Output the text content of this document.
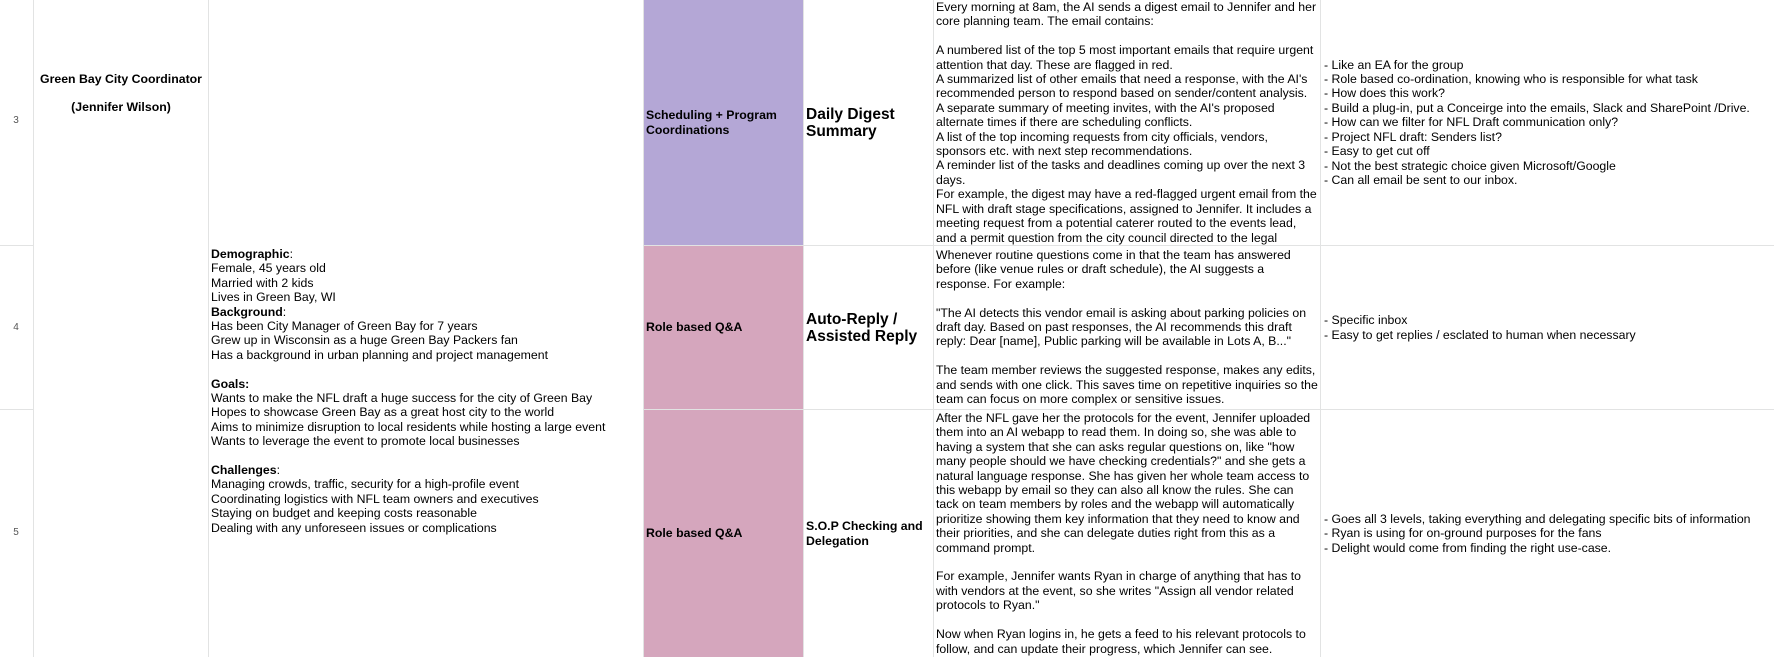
3
4
5
Green Bay City Coordinator
(Jennifer Wilson)
Demographic:
Female, 45 years old
Married with 2 kids
Lives in Green Bay, WI
Background:
Has been City Manager of Green Bay for 7 years
Grew up in Wisconsin as a huge Green Bay Packers fan
Has a background in urban planning and project management
Goals:
Wants to make the NFL draft a huge success for the city of Green Bay
Hopes to showcase Green Bay as a great host city to the world
Aims to minimize disruption to local residents while hosting a large event
Wants to leverage the event to promote local businesses
Challenges:
Managing crowds, traffic, security for a high-profile event
Coordinating logistics with NFL team owners and executives
Staying on budget and keeping costs reasonable
Dealing with any unforeseen issues or complications
Scheduling + Program Coordinations
Daily Digest Summary
Every morning at 8am, the AI sends a digest email to Jennifer and her core planning team. The email contains:

A numbered list of the top 5 most important emails that require urgent attention that day. These are flagged in red.
A summarized list of other emails that need a response, with the AI's recommended person to respond based on sender/content analysis.
A separate summary of meeting invites, with the AI's proposed alternate times if there are scheduling conflicts.
A list of the top incoming requests from city officials, vendors, sponsors etc. with next step recommendations.
A reminder list of the tasks and deadlines coming up over the next 3 days.
For example, the digest may have a red-flagged urgent email from the NFL with draft stage specifications, assigned to Jennifer. It includes a meeting request from a potential caterer routed to the events lead, and a permit question from the city council directed to the legal
- Like an EA for the group
- Role based co-ordination, knowing who is responsible for what task
- How does this work?
- Build a plug-in, put a Conceirge into the emails, Slack and SharePoint /Drive.
- How can we filter for NFL Draft communication only?
- Project NFL draft: Senders list?
- Easy to get cut off
- Not the best strategic choice given Microsoft/Google
- Can all email be sent to our inbox.
Role based Q&A	Auto-Reply / Assisted Reply
Whenever routine questions come in that the team has answered before (like venue rules or draft schedule), the AI suggests a response. For example:

"The AI detects this vendor email is asking about parking policies on draft day. Based on past responses, the AI recommends this draft reply: Dear [name], Public parking will be available in Lots A, B..."

The team member reviews the suggested response, makes any edits, and sends with one click. This saves time on repetitive inquiries so the team can focus on more complex or sensitive issues.
- Specific inbox
- Easy to get replies / esclated to human when necessary
Role based Q&A
S.O.P Checking and Delegation
After the NFL gave her the protocols for the event, Jennifer uploaded them into an AI webapp to read them. In doing so, she was able to having a system that she can asks regular questions on, like "how many people should we have checking credentials?" and she gets a natural language response. She has given her whole team access to this webapp by email so they can also all know the rules. She can tack on team members by roles and the webapp will automatically prioritize showing them key information that they need to know and their priorities, and she can delegate duties right from this as a command prompt.

For example, Jennifer wants Ryan in charge of anything that has to with vendors at the event, so she writes "Assign all vendor related protocols to Ryan."

Now when Ryan logins in, he gets a feed to his relevant protocols to follow, and can update their progress, which Jennifer can see.
- Goes all 3 levels, taking everything and delegating specific bits of information
- Ryan is using for on-ground purposes for the fans
- Delight would come from finding the right use-case.
